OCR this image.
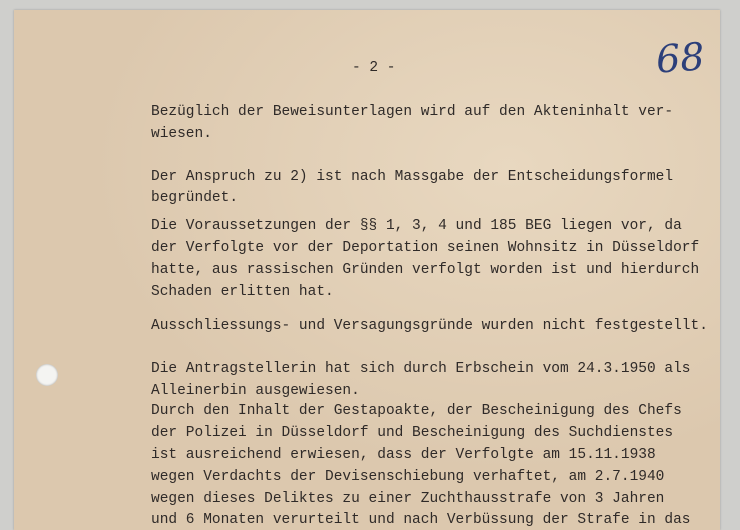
- 2 -	68

Bezüglich der Beweisunterlagen wird auf den Akteninhalt ver-

wiesen.

Der Anspruch zu 2) ist nach Massgabe der Entscheidungsformel

begründet.

Die Voraussetzungen der §§ 1, 3, 4 und 185 BEG liegen vor, da

der Verfolgte vor der Deportation seinen Wohnsitz in Düsseldorf

hatte, aus rassischen Gründen verfolgt worden ist und hierdurch

Schaden erlitten hat.

Ausschliessungs- und Versagungsgründe wurden nicht festgestellt.

Die Antragstellerin hat sich durch Erbschein vom 24.3.1950 als

Alleinerbin ausgewiesen.

Durch den Inhalt der Gestapoakte, der Bescheinigung des Chefs

der Polizei in Düsseldorf und Bescheinigung des Suchdienstes

ist ausreichend erwiesen, dass der Verfolgte am 15.11.1938

wegen Verdachts der Devisenschiebung verhaftet, am 2.7.1940

wegen dieses Deliktes zu einer Zuchthausstrafe von 3 Jahren

und 6 Monaten verurteilt und nach Verbüssung der Strafe in das
